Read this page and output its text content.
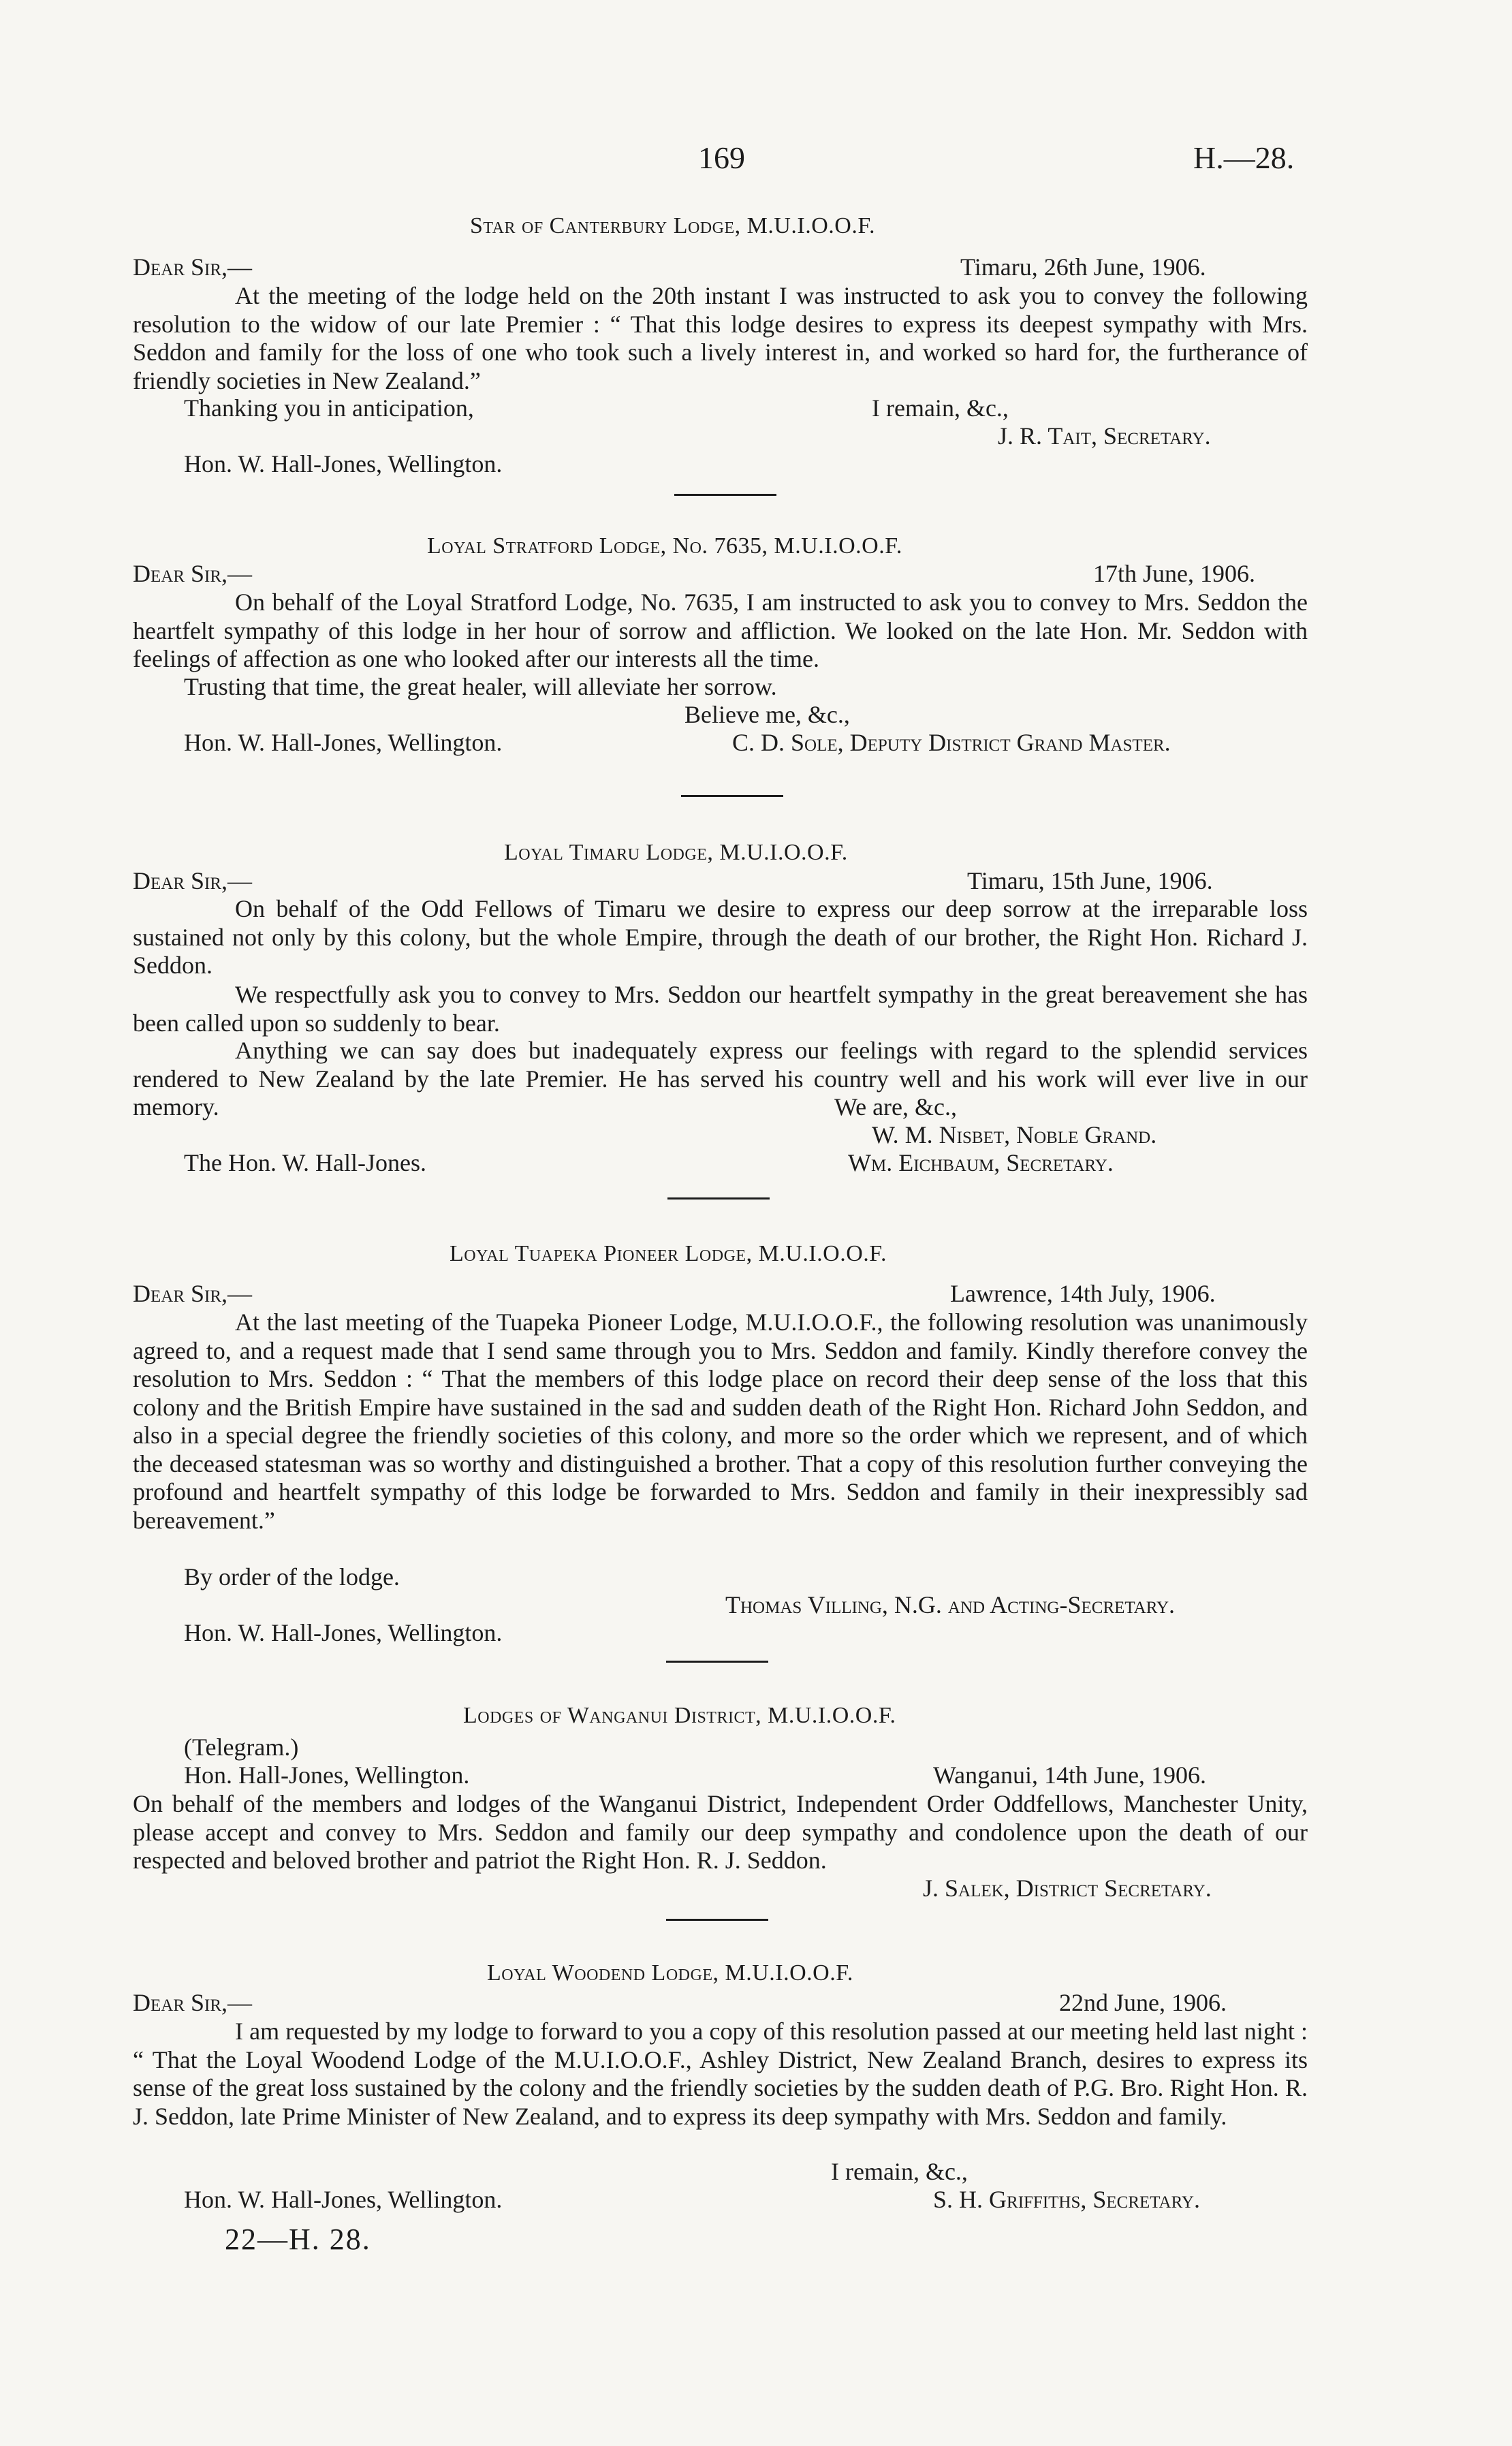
169	H.—28.
Star of Canterbury Lodge, M.U.I.O.O.F.
Dear Sir,—	Timaru, 26th June, 1906.
At the meeting of the lodge held on the 20th instant I was instructed to ask you to convey the following resolution to the widow of our late Premier : “ That this lodge desires to express its deepest sympathy with Mrs. Seddon and family for the loss of one who took such a lively interest in, and worked so hard for, the furtherance of friendly societies in New Zealand.”
Thanking you in anticipation,	I remain, &c.,
J. R. Tait, Secretary.
Hon. W. Hall-Jones, Wellington.
Loyal Stratford Lodge, No. 7635, M.U.I.O.O.F.
Dear Sir,—	17th June, 1906.
On behalf of the Loyal Stratford Lodge, No. 7635, I am instructed to ask you to convey to Mrs. Seddon the heartfelt sympathy of this lodge in her hour of sorrow and affliction. We looked on the late Hon. Mr. Seddon with feelings of affection as one who looked after our interests all the time.
Trusting that time, the great healer, will alleviate her sorrow.
Believe me, &c.,
Hon. W. Hall-Jones, Wellington.	C. D. Sole, Deputy District Grand Master.
Loyal Timaru Lodge, M.U.I.O.O.F.
Dear Sir,—	Timaru, 15th June, 1906.
On behalf of the Odd Fellows of Timaru we desire to express our deep sorrow at the irreparable loss sustained not only by this colony, but the whole Empire, through the death of our brother, the Right Hon. Richard J. Seddon.
We respectfully ask you to convey to Mrs. Seddon our heartfelt sympathy in the great bereavement she has been called upon so suddenly to bear.
Anything we can say does but inadequately express our feelings with regard to the splendid services rendered to New Zealand by the late Premier. He has served his country well and his work will ever live in our memory.	We are, &c.,
W. M. Nisbet, Noble Grand.
The Hon. W. Hall-Jones.	Wm. Eichbaum, Secretary.
Loyal Tuapeka Pioneer Lodge, M.U.I.O.O.F.
Dear Sir,—	Lawrence, 14th July, 1906.
At the last meeting of the Tuapeka Pioneer Lodge, M.U.I.O.O.F., the following resolution was unanimously agreed to, and a request made that I send same through you to Mrs. Seddon and family. Kindly therefore convey the resolution to Mrs. Seddon : “ That the members of this lodge place on record their deep sense of the loss that this colony and the British Empire have sustained in the sad and sudden death of the Right Hon. Richard John Seddon, and also in a special degree the friendly societies of this colony, and more so the order which we represent, and of which the deceased statesman was so worthy and distinguished a brother. That a copy of this resolution further conveying the profound and heartfelt sympathy of this lodge be forwarded to Mrs. Seddon and family in their inexpressibly sad bereavement.”
By order of the lodge.
Thomas Villing, N.G. and Acting-Secretary.
Hon. W. Hall-Jones, Wellington.
Lodges of Wanganui District, M.U.I.O.O.F.
(Telegram.)
Hon. Hall-Jones, Wellington.	Wanganui, 14th June, 1906.
On behalf of the members and lodges of the Wanganui District, Independent Order Oddfellows, Manchester Unity, please accept and convey to Mrs. Seddon and family our deep sympathy and condolence upon the death of our respected and beloved brother and patriot the Right Hon. R. J. Seddon.
J. Salek, District Secretary.
Loyal Woodend Lodge, M.U.I.O.O.F.
Dear Sir,—	22nd June, 1906.
I am requested by my lodge to forward to you a copy of this resolution passed at our meeting held last night : “ That the Loyal Woodend Lodge of the M.U.I.O.O.F., Ashley District, New Zealand Branch, desires to express its sense of the great loss sustained by the colony and the friendly societies by the sudden death of P.G. Bro. Right Hon. R. J. Seddon, late Prime Minister of New Zealand, and to express its deep sympathy with Mrs. Seddon and family.
I remain, &c.,
Hon. W. Hall-Jones, Wellington.	S. H. Griffiths, Secretary.
22—H. 28.
